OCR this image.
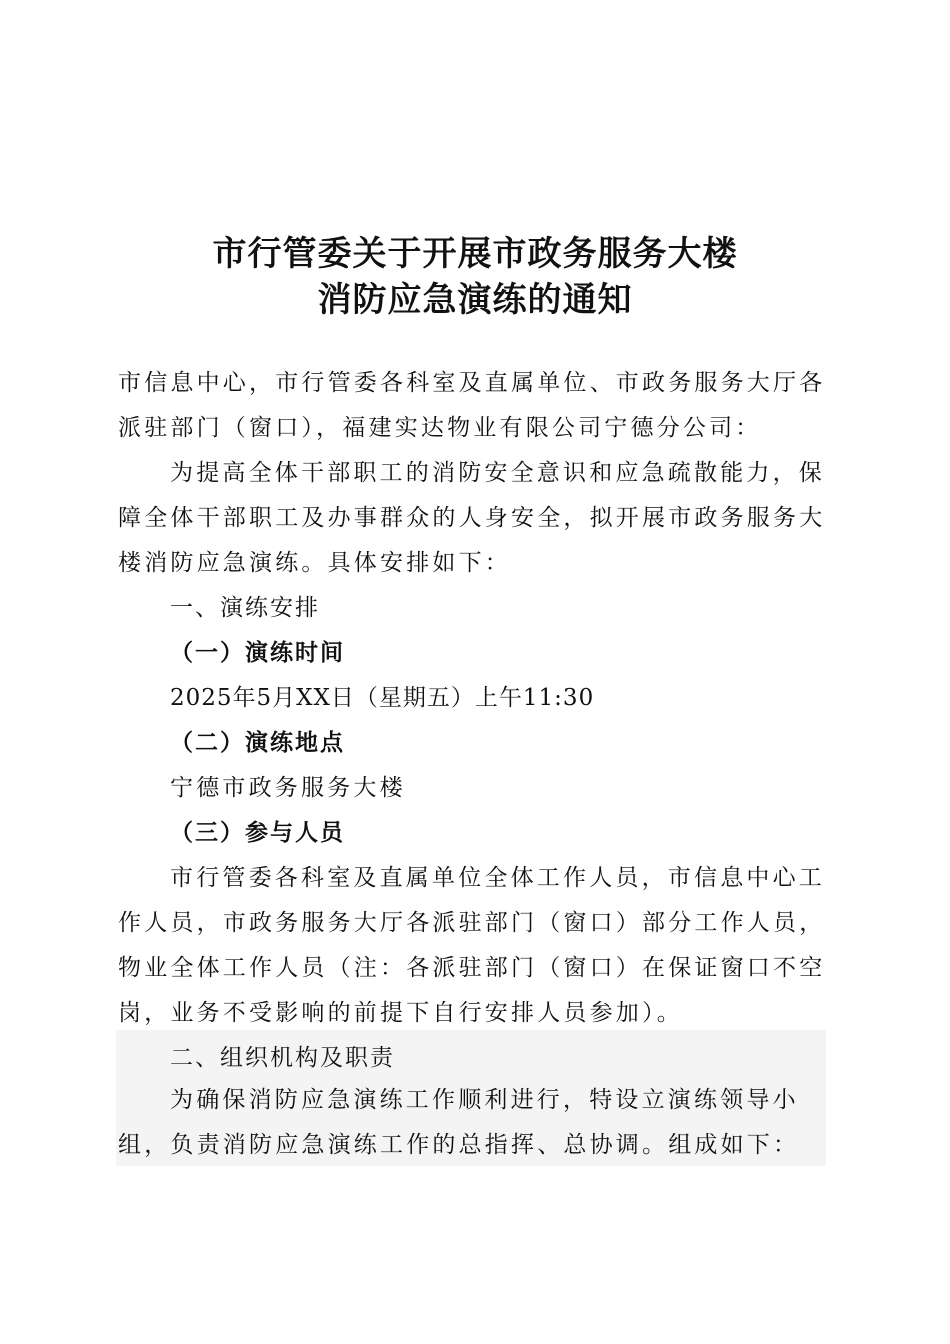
市行管委关于开展市政务服务大楼
消防应急演练的通知
市信息中心，市行管委各科室及直属单位、市政务服务大厅各
派驻部门（窗口），福建实达物业有限公司宁德分公司：
为提高全体干部职工的消防安全意识和应急疏散能力，保
障全体干部职工及办事群众的人身安全，拟开展市政务服务大
楼消防应急演练。具体安排如下：
一、演练安排
（一）演练时间
2025年5月XX日（星期五）上午11:30
（二）演练地点
宁德市政务服务大楼
（三）参与人员
市行管委各科室及直属单位全体工作人员，市信息中心工
作人员，市政务服务大厅各派驻部门（窗口）部分工作人员，
物业全体工作人员（注：各派驻部门（窗口）在保证窗口不空
岗，业务不受影响的前提下自行安排人员参加）。
二、组织机构及职责
为确保消防应急演练工作顺利进行，特设立演练领导小
组，负责消防应急演练工作的总指挥、总协调。组成如下：
